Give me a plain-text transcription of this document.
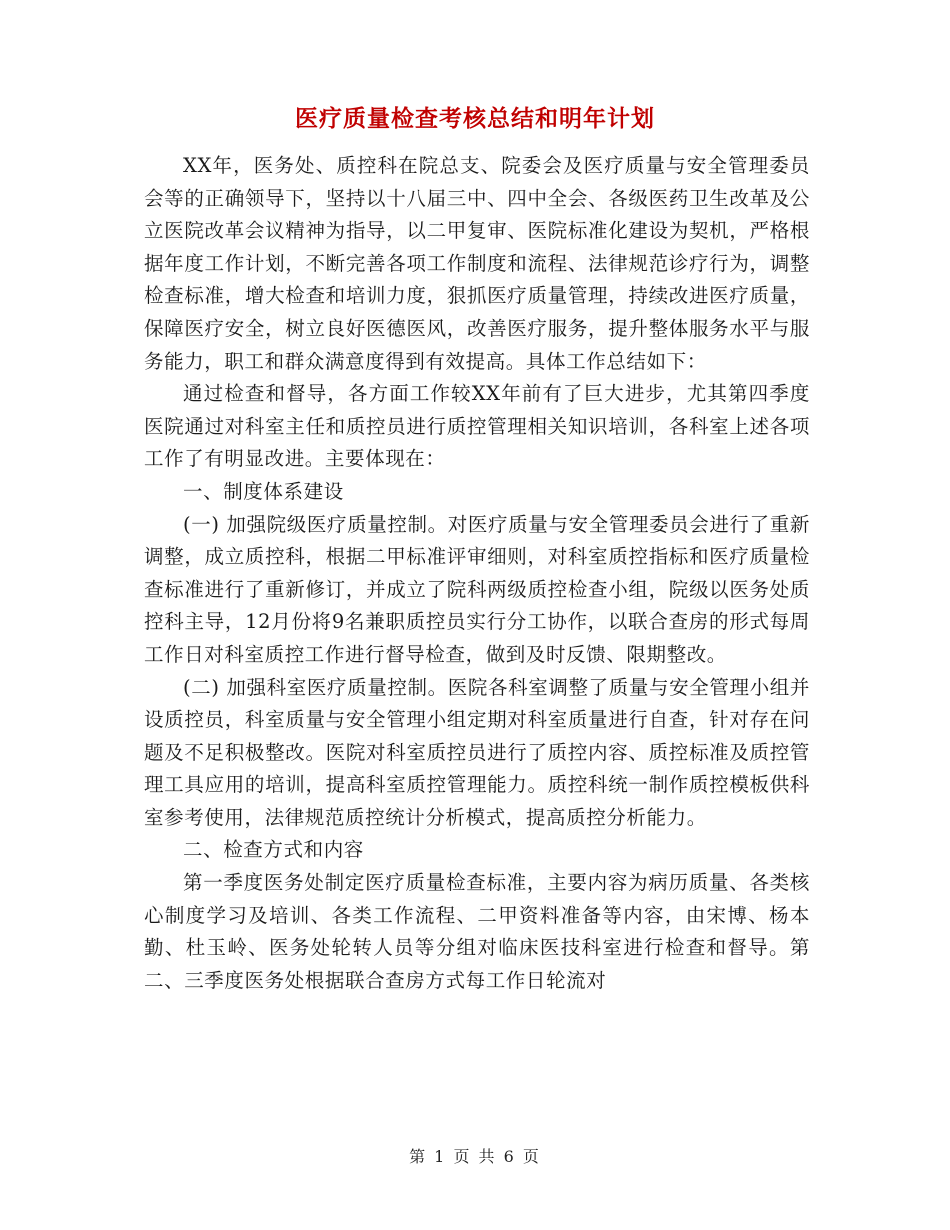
医疗质量检查考核总结和明年计划

XX年，医务处、质控科在院总支、院委会及医疗质量与安全管理委员会等的正确领导下，坚持以十八届三中、四中全会、各级医药卫生改革及公立医院改革会议精神为指导，以二甲复审、医院标准化建设为契机，严格根据年度工作计划，不断完善各项工作制度和流程、法律规范诊疗行为，调整检查标准，增大检查和培训力度，狠抓医疗质量管理，持续改进医疗质量，保障医疗安全，树立良好医德医风，改善医疗服务，提升整体服务水平与服务能力，职工和群众满意度得到有效提高。具体工作总结如下：

通过检查和督导，各方面工作较XX年前有了巨大进步，尤其第四季度医院通过对科室主任和质控员进行质控管理相关知识培训，各科室上述各项工作了有明显改进。主要体现在：

一、制度体系建设

(一) 加强院级医疗质量控制。对医疗质量与安全管理委员会进行了重新调整，成立质控科，根据二甲标准评审细则，对科室质控指标和医疗质量检查标准进行了重新修订，并成立了院科两级质控检查小组，院级以医务处质控科主导，12月份将9名兼职质控员实行分工协作，以联合查房的形式每周工作日对科室质控工作进行督导检查，做到及时反馈、限期整改。

(二) 加强科室医疗质量控制。医院各科室调整了质量与安全管理小组并设质控员，科室质量与安全管理小组定期对科室质量进行自查，针对存在问题及不足积极整改。医院对科室质控员进行了质控内容、质控标准及质控管理工具应用的培训，提高科室质控管理能力。质控科统一制作质控模板供科室参考使用，法律规范质控统计分析模式，提高质控分析能力。

二、检查方式和内容

第一季度医务处制定医疗质量检查标准，主要内容为病历质量、各类核心制度学习及培训、各类工作流程、二甲资料准备等内容，由宋博、杨本勤、杜玉岭、医务处轮转人员等分组对临床医技科室进行检查和督导。第二、三季度医务处根据联合查房方式每工作日轮流对

第 1 页 共 6 页
